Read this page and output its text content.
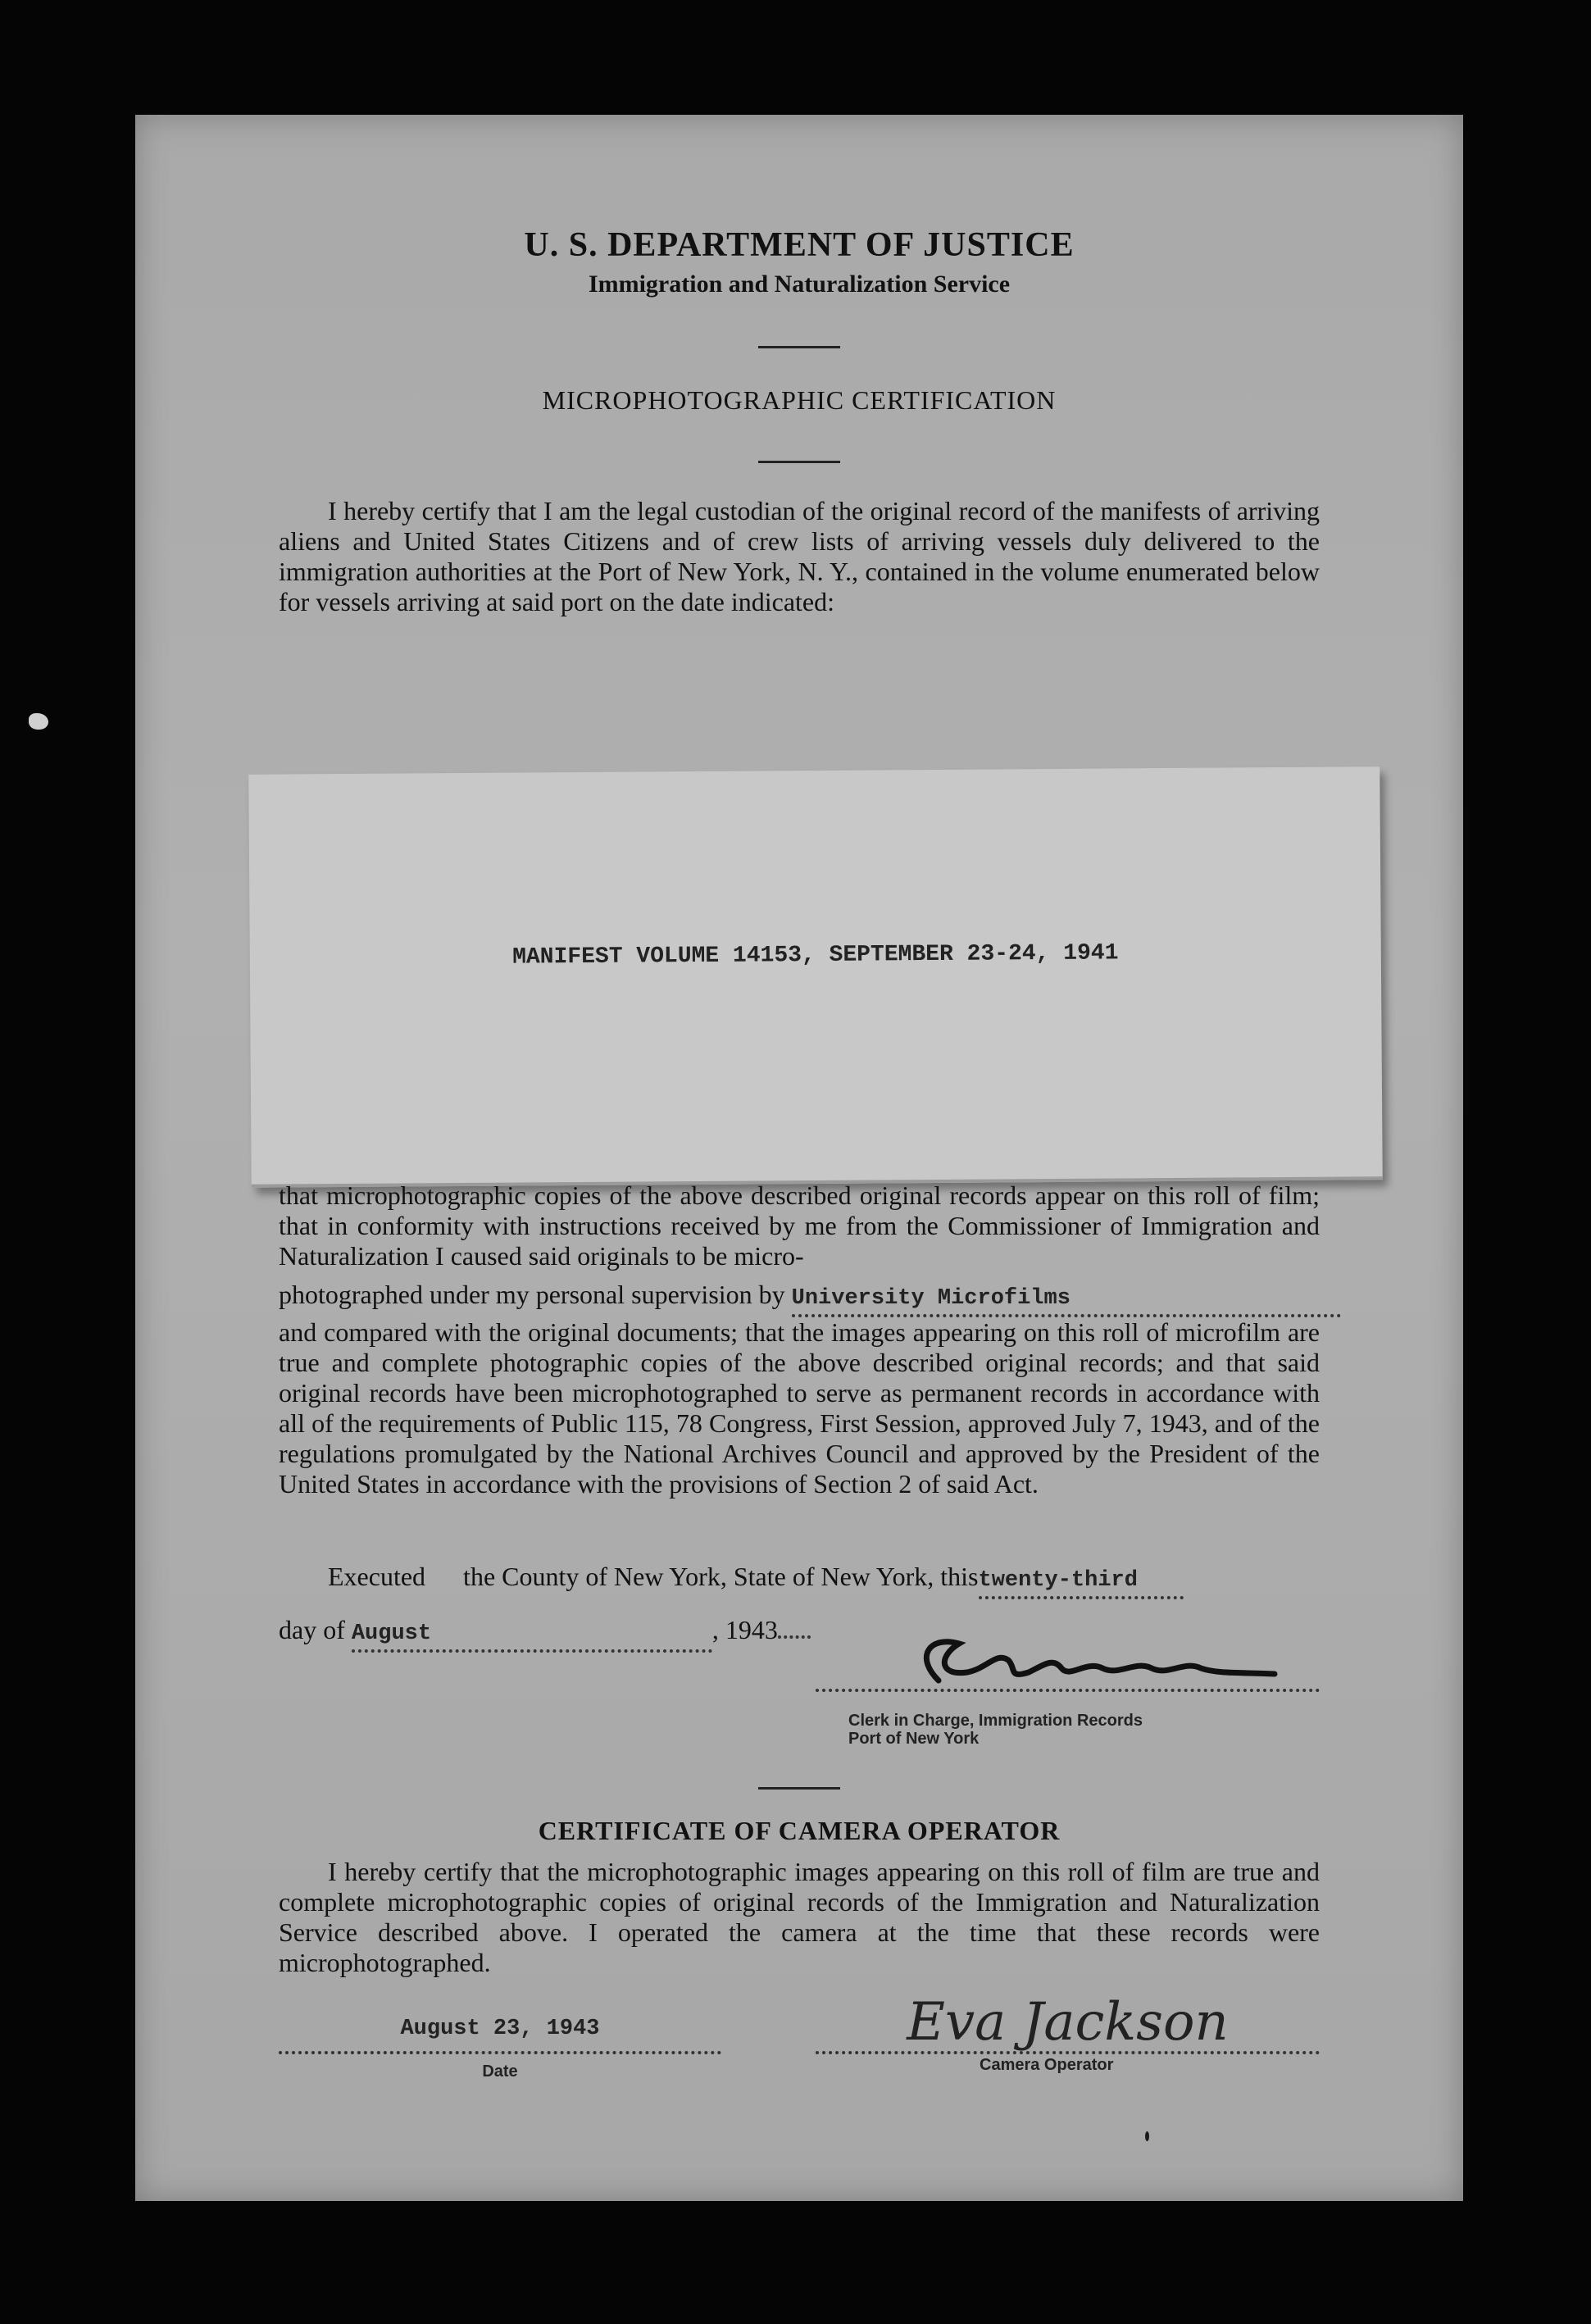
U. S. DEPARTMENT OF JUSTICE
Immigration and Naturalization Service
MICROPHOTOGRAPHIC CERTIFICATION
I hereby certify that I am the legal custodian of the original record of the manifests of arriving aliens and United States Citizens and of crew lists of arriving vessels duly delivered to the immigration authorities at the Port of New York, N. Y., contained in the volume enumerated below for vessels arriving at said port on the date indicated:
MANIFEST VOLUME 14153, SEPTEMBER 23-24, 1941
that microphotographic copies of the above described original records appear on this roll of film; that in conformity with instructions received by me from the Commissioner of Immigration and Naturalization I caused said originals to be micro-
photographed under my personal supervision by University Microfilms
and compared with the original documents; that the images appearing on this roll of microfilm are true and complete photographic copies of the above described original records; and that said original records have been microphotographed to serve as permanent records in accordance with all of the requirements of Public 115, 78 Congress, First Session, approved July 7, 1943, and of the regulations promulgated by the National Archives Council and approved by the President of the United States in accordance with the provisions of Section 2 of said Act.
Executed the County of New York, State of New York, thistwenty-third
day of August	, 1943
Clerk in Charge, Immigration Records
Port of New York
CERTIFICATE OF CAMERA OPERATOR
I hereby certify that the microphotographic images appearing on this roll of film are true and complete microphotographic copies of original records of the Immigration and Naturalization Service described above. I operated the camera at the time that these records were microphotographed.
August 23, 1943
Date
Eva Jackson
Camera Operator
